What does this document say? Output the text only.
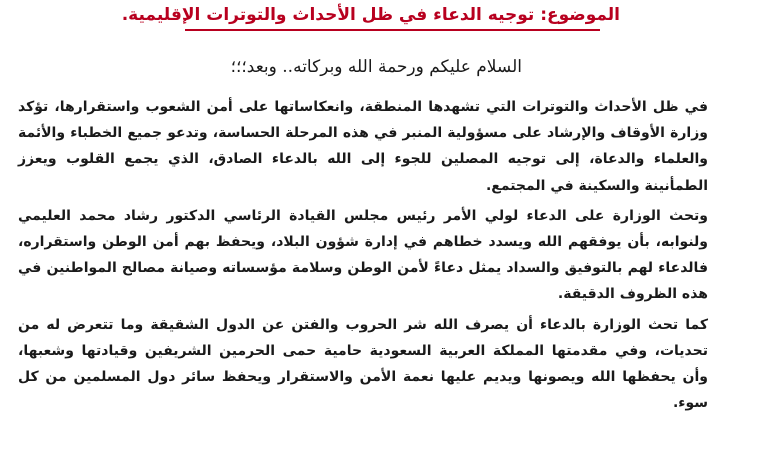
الموضوع: توجيه الدعاء في ظل الأحداث والتوترات الإقليمية.
السلام عليكم ورحمة الله وبركاته.. وبعد؛؛؛

في ظل الأحداث والتوترات التي تشهدها المنطقة، وانعكاساتها على أمن الشعوب واستقرارها، تؤكد وزارة الأوقاف والإرشاد على مسؤولية المنبر في هذه المرحلة الحساسة، وتدعو جميع الخطباء والأئمة والعلماء والدعاة، إلى توجيه المصلين للجوء إلى الله بالدعاء الصادق، الذي يجمع القلوب ويعزز الطمأنينة والسكينة في المجتمع.

وتحث الوزارة على الدعاء لولي الأمر رئيس مجلس القيادة الرئاسي الدكتور رشاد محمد العليمي ولنوابه، بأن يوفقهم الله ويسدد خطاهم في إدارة شؤون البلاد، ويحفظ بهم أمن الوطن واستقراره، فالدعاء لهم بالتوفيق والسداد يمثل دعاءً لأمن الوطن وسلامة مؤسساته وصيانة مصالح المواطنين في هذه الظروف الدقيقة.

كما تحث الوزارة بالدعاء أن يصرف الله شر الحروب والفتن عن الدول الشقيقة وما تتعرض له من تحديات، وفي مقدمتها المملكة العربية السعودية حامية حمى الحرمين الشريفين وقيادتها وشعبها، وأن يحفظها الله ويصونها ويديم عليها نعمة الأمن والاستقرار ويحفظ سائر دول المسلمين من كل سوء.
